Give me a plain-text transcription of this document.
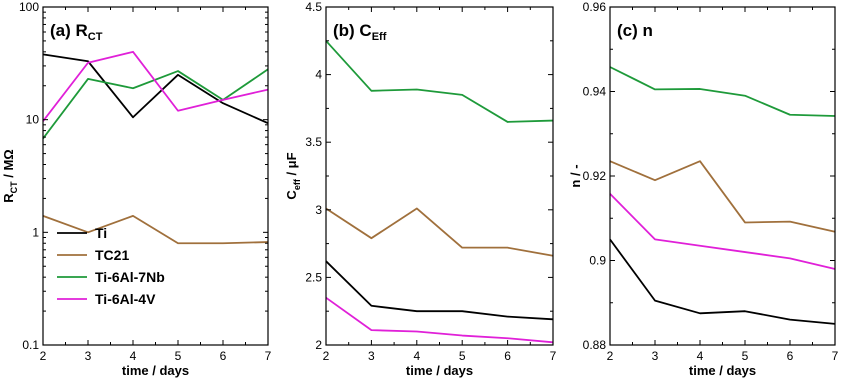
2	3	4	5	6	7
0.1
1
10
100
time / days
$R_{CT}$ / MΩ
(a) $R_{CT}$
Ti
TC21
Ti-6Al-7Nb
Ti-6Al-4V
2	3	4	5	6	7
2
2.5
3
3.5
4
4.5
time / days
$C_{eff}$ / μF
(b) $C_{Eff}$
2	3	4	5	6	7
0.88
0.9
0.92
0.94
0.96
time / days
n / -
(c) n
